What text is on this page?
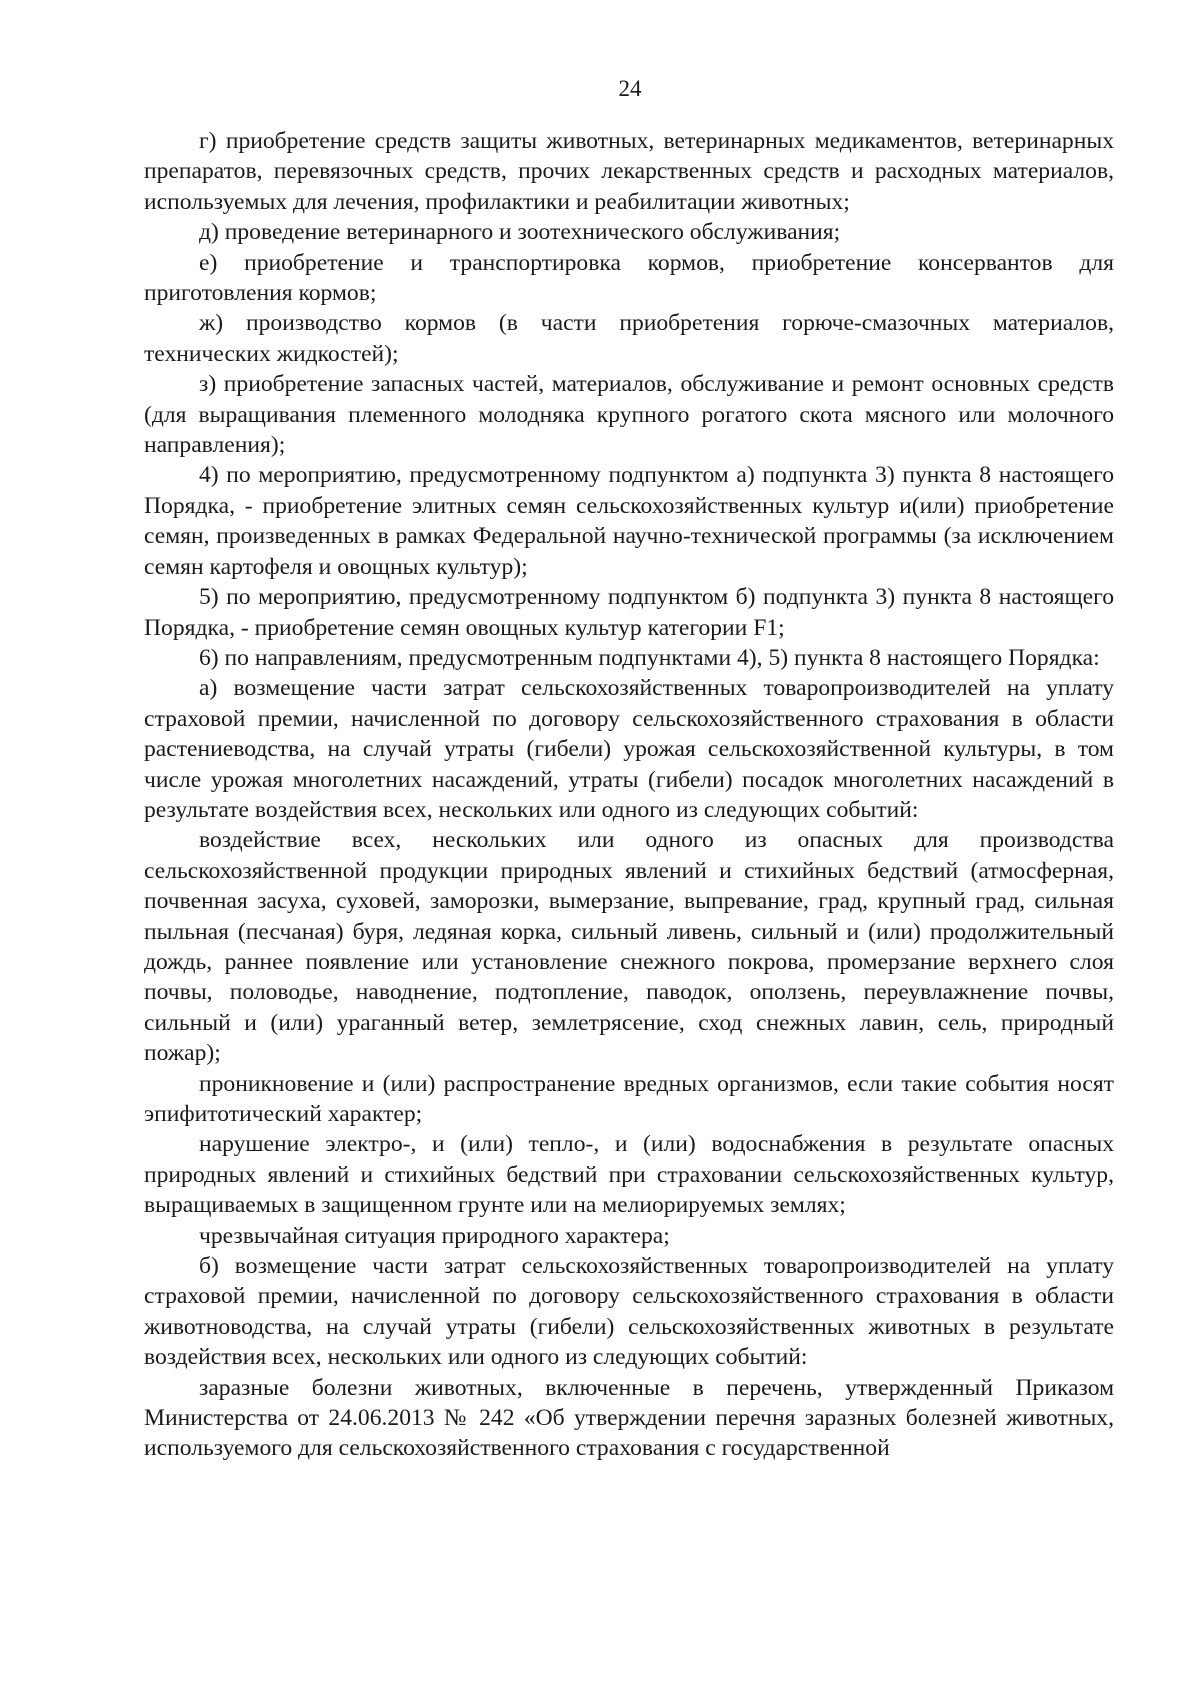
24

г) приобретение средств защиты животных, ветеринарных медикаментов, ветеринарных препаратов, перевязочных средств, прочих лекарственных средств и расходных материалов, используемых для лечения, профилактики и реабилитации животных;

д) проведение ветеринарного и зоотехнического обслуживания;

е) приобретение и транспортировка кормов, приобретение консервантов для приготовления кормов;

ж) производство кормов (в части приобретения горюче-смазочных материалов, технических жидкостей);

з) приобретение запасных частей, материалов, обслуживание и ремонт основных средств (для выращивания племенного молодняка крупного рогатого скота мясного или молочного направления);

4) по мероприятию, предусмотренному подпунктом а) подпункта 3) пункта 8 настоящего Порядка, - приобретение элитных семян сельскохозяйственных культур и(или) приобретение семян, произведенных в рамках Федеральной научно-технической программы (за исключением семян картофеля и овощных культур);

5) по мероприятию, предусмотренному подпунктом б) подпункта 3) пункта 8 настоящего Порядка, - приобретение семян овощных культур категории F1;

6) по направлениям, предусмотренным подпунктами 4), 5) пункта 8 настоящего Порядка:

а) возмещение части затрат сельскохозяйственных товаропроизводителей на уплату страховой премии, начисленной по договору сельскохозяйственного страхования в области растениеводства, на случай утраты (гибели) урожая сельскохозяйственной культуры, в том числе урожая многолетних насаждений, утраты (гибели) посадок многолетних насаждений в результате воздействия всех, нескольких или одного из следующих событий:

воздействие всех, нескольких или одного из опасных для производства сельскохозяйственной продукции природных явлений и стихийных бедствий (атмосферная, почвенная засуха, суховей, заморозки, вымерзание, выпревание, град, крупный град, сильная пыльная (песчаная) буря, ледяная корка, сильный ливень, сильный и (или) продолжительный дождь, раннее появление или установление снежного покрова, промерзание верхнего слоя почвы, половодье, наводнение, подтопление, паводок, оползень, переувлажнение почвы, сильный и (или) ураганный ветер, землетрясение, сход снежных лавин, сель, природный пожар);

проникновение и (или) распространение вредных организмов, если такие события носят эпифитотический характер;

нарушение электро-, и (или) тепло-, и (или) водоснабжения в результате опасных природных явлений и стихийных бедствий при страховании сельскохозяйственных культур, выращиваемых в защищенном грунте или на мелиорируемых землях;

чрезвычайная ситуация природного характера;

б) возмещение части затрат сельскохозяйственных товаропроизводителей на уплату страховой премии, начисленной по договору сельскохозяйственного страхования в области животноводства, на случай утраты (гибели) сельскохозяйственных животных в результате воздействия всех, нескольких или одного из следующих событий:

заразные болезни животных, включенные в перечень, утвержденный Приказом Министерства от 24.06.2013 № 242 «Об утверждении перечня заразных болезней животных, используемого для сельскохозяйственного страхования с государственной
